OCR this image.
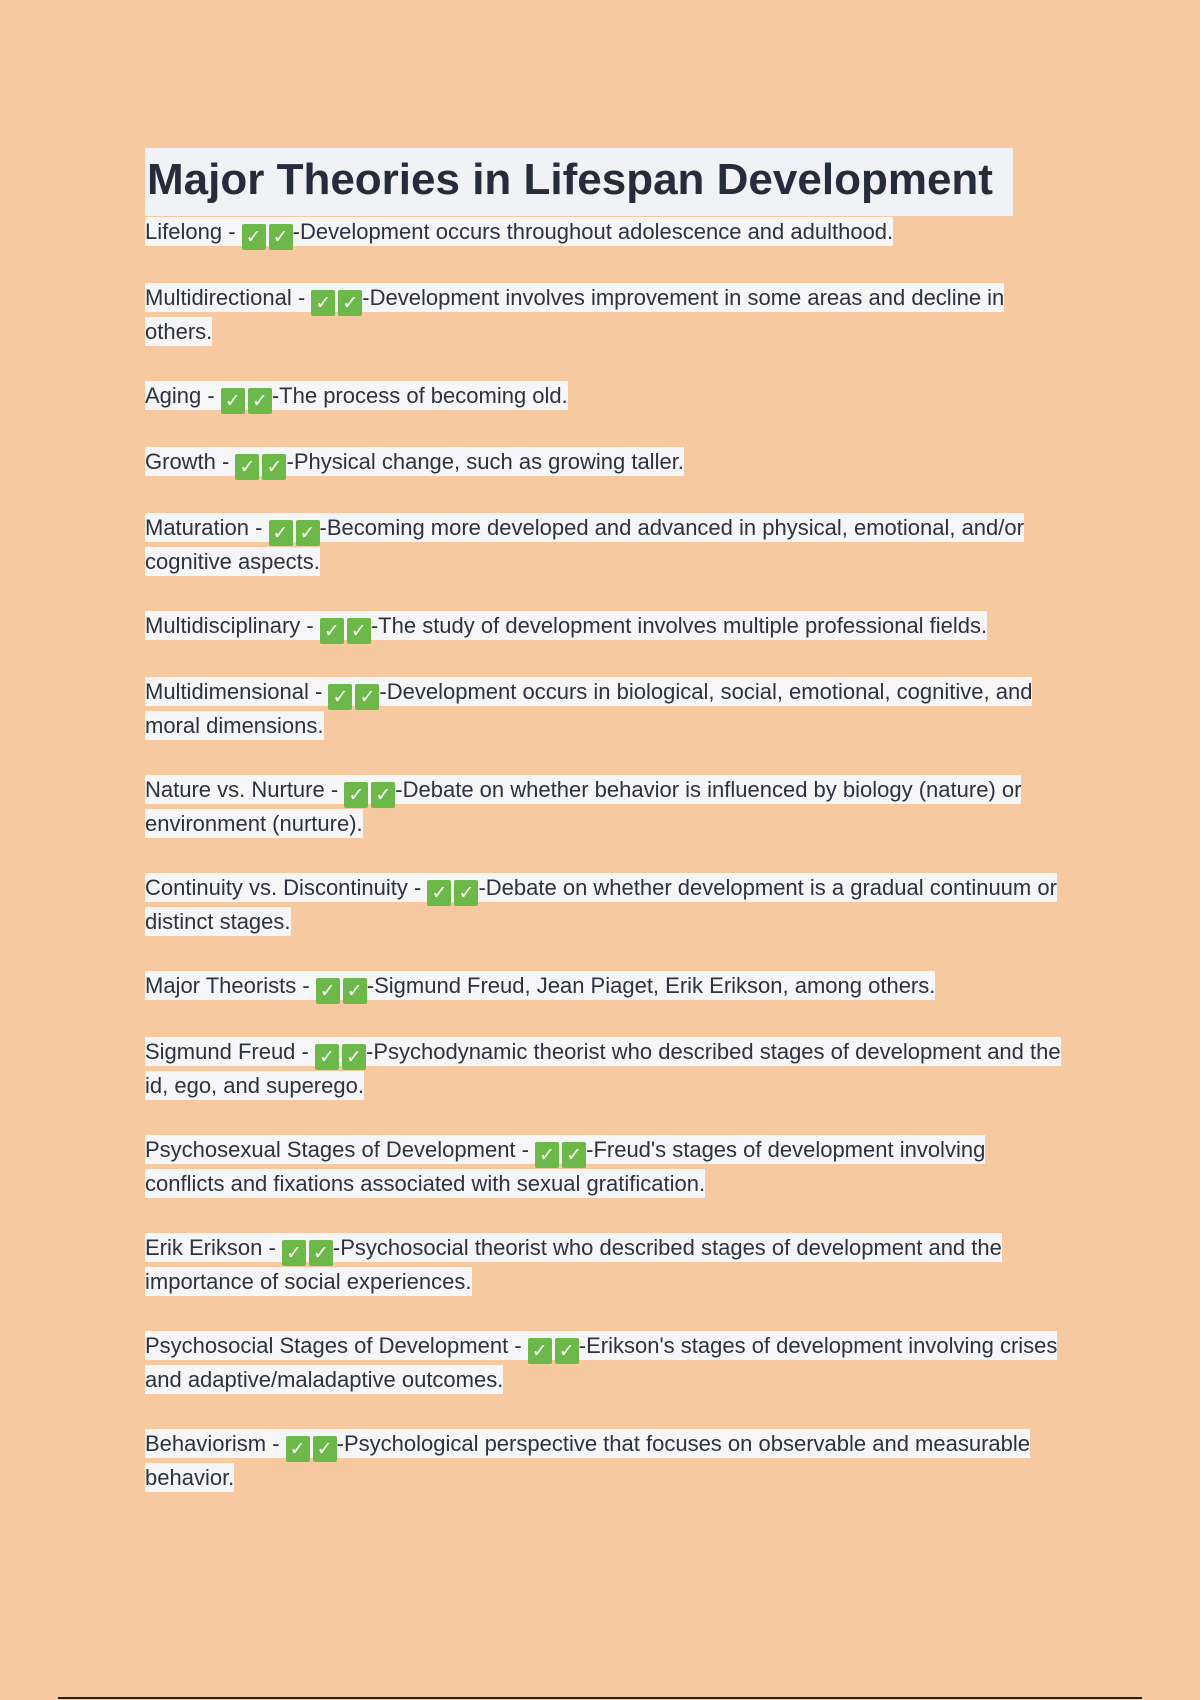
Major Theories in Lifespan Development

Lifelong - ✓ ✓ -Development occurs throughout adolescence and adulthood.

Multidirectional - ✓ ✓ -Development involves improvement in some areas and decline in others.

Aging - ✓ ✓ -The process of becoming old.

Growth - ✓ ✓ -Physical change, such as growing taller.

Maturation - ✓ ✓ -Becoming more developed and advanced in physical, emotional, and/or cognitive aspects.

Multidisciplinary - ✓ ✓ -The study of development involves multiple professional fields.

Multidimensional - ✓ ✓ -Development occurs in biological, social, emotional, cognitive, and moral dimensions.

Nature vs. Nurture - ✓ ✓ -Debate on whether behavior is influenced by biology (nature) or environment (nurture).

Continuity vs. Discontinuity - ✓ ✓ -Debate on whether development is a gradual continuum or distinct stages.

Major Theorists - ✓ ✓ -Sigmund Freud, Jean Piaget, Erik Erikson, among others.

Sigmund Freud - ✓ ✓ -Psychodynamic theorist who described stages of development and the id, ego, and superego.

Psychosexual Stages of Development - ✓ ✓ -Freud's stages of development involving conflicts and fixations associated with sexual gratification.

Erik Erikson - ✓ ✓ -Psychosocial theorist who described stages of development and the importance of social experiences.

Psychosocial Stages of Development - ✓ ✓ -Erikson's stages of development involving crises and adaptive/maladaptive outcomes.

Behaviorism - ✓ ✓ -Psychological perspective that focuses on observable and measurable behavior.
